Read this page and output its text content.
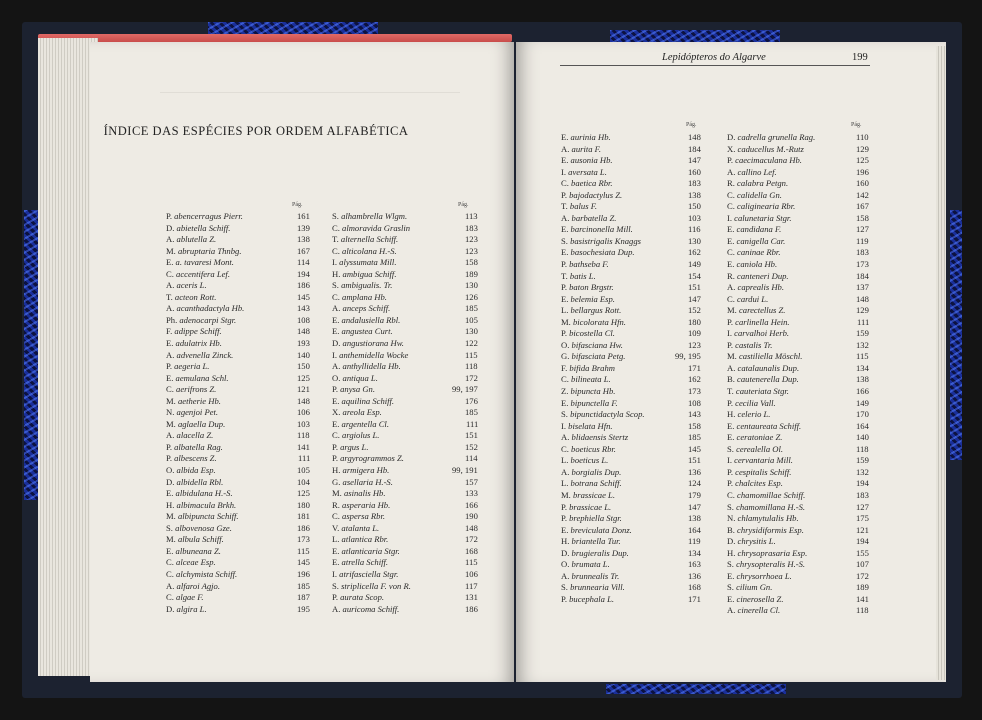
ÍNDICE DAS ESPÉCIES POR ORDEM ALFABÉTICA
Pág.	Pág.
P. abencerragus Pierr.	161
D. abietella Schiff.	139
A. ablutella Z.	138
M. abruptaria Thnbg.	167
E. a. tavaresi Mont.	114
C. accentifera Lef.	194
A. aceris L.	186
T. acteon Rott.	145
A. acanthadactyla Hb.	143
Ph. adenocarpi Stgr.	108
F. adippe Schiff.	148
E. adulatrix Hb.	193
A. advenella Zinck.	140
P. aegeria L.	150
E. aemulana Schl.	125
C. aerifrons Z.	121
M. aetherie Hb.	148
N. agenjoi Pet.	106
M. aglaella Dup.	103
A. alacella Z.	118
P. albatella Rag.	141
P. albescens Z.	111
O. albida Esp.	105
D. albidella Rbl.	104
E. albidulana H.-S.	125
H. albimacula Brkh.	180
M. albipuncta Schiff.	181
S. albovenosa Gze.	186
M. albula Schiff.	173
E. albuneana Z.	115
C. alceae Esp.	145
C. alchymista Schiff.	196
A. alfaroi Agjo.	185
C. algae F.	187
D. algira L.	195
S. alhambrella Wlgm.	113
C. almoravida Graslin	183
T. alternella Schiff.	123
C. alticolana H.-S.	123
I. alyssumata Mill.	158
H. ambigua Schiff.	189
S. ambigualis. Tr.	130
C. amplana Hb.	126
A. anceps Schiff.	185
E. andalusiella Rbl.	105
E. angustea Curt.	130
D. angustiorana Hw.	122
I. anthemidella Wocke	115
A. anthyllidella Hb.	118
O. antiqua L.	172
P. anysa Gn.	99, 197
E. aquilina Schiff.	176
X. areola Esp.	185
E. argentella Cl.	111
C. argiolus L.	151
P. argus L.	152
P. argyrogrammos Z.	114
H. armigera Hb.	99, 191
G. asellaria H.-S.	157
M. asinalis Hb.	133
R. asperaria Hb.	166
C. aspersa Rbr.	190
V. atalanta L.	148
L. atlantica Rbr.	172
E. atlanticaria Stgr.	168
E. atrella Schiff.	115
I. atrifasciella Stgr.	106
S. striplicella F. von R.	117
P. aurata Scop.	131
A. auricoma Schiff.	186
Lepidópteros do Algarve	199
Pág.	Pág.
E. aurinia Hb.	148
A. aurita F.	184
E. ausonia Hb.	147
I. aversata L.	160
C. baetica Rbr.	183
P. bajodactylus Z.	138
T. balus F.	150
A. barbatella Z.	103
E. barcinonella Mill.	116
S. basistrigalis Knaggs	130
E. basochesiata Dup.	162
P. bathseba F.	149
T. batis L.	154
P. baton Brgstr.	151
E. belemia Esp.	147
L. bellargus Rott.	152
M. bicolorata Hfn.	180
P. bicostella Cl.	109
O. bifasciana Hw.	123
G. bifasciata Petg.	99, 195
F. bifida Brahm	171
C. bilineata L.	162
Z. bipuncta Hb.	173
E. bipunctella F.	108
S. bipunctidactyla Scop.	143
I. biselata Hfn.	158
A. blidaensis Stertz	185
C. boeticus Rbr.	145
L. boeticus L.	151
A. borgialis Dup.	136
L. botrana Schiff.	124
M. brassicae L.	179
P. brassicae L.	147
P. brephiella Stgr.	138
E. breviculata Donz.	164
H. briantella Tur.	119
D. brugieralis Dup.	134
O. brumata L.	163
A. brunnealis Tr.	136
S. brunnearia Vill.	168
P. bucephala L.	171
D. cadrella grunella Rag.	110
X. caducellus M.-Rutz	129
P. caecimaculana Hb.	125
A. callino Lef.	196
R. calabra Petgn.	160
C. calidella Gn.	142
C. caliginearia Rbr.	167
I. calunetaria Stgr.	158
E. candidana F.	127
E. canigella Car.	119
C. caninae Rbr.	183
E. caniola Hb.	173
R. canteneri Dup.	184
A. caprealis Hb.	137
C. cardui L.	148
M. carectellus Z.	129
P. carlinella Hein.	111
I. carvalhoi Herb.	159
P. castalis Tr.	132
M. castiliella Möschl.	115
A. catalaunalis Dup.	134
B. cautenerella Dup.	138
T. cauteriata Stgr.	166
P. cecilia Vall.	149
H. celerio L.	170
E. centaureata Schiff.	164
E. ceratoniae Z.	140
S. cerealella Ol.	118
I. cervantaria Mill.	159
P. cespitalis Schiff.	132
P. chalcites Esp.	194
C. chamomillae Schiff.	183
S. chamomillana H.-S.	127
N. chlamytulalis Hb.	175
B. chrysidiformis Esp.	121
D. chrysitis L.	194
H. chrysoprasaria Esp.	155
S. chrysopteralis H.-S.	107
E. chrysorrhoea L.	172
S. cilium Gn.	189
E. cinerosella Z.	141
A. cinerella Cl.	118
